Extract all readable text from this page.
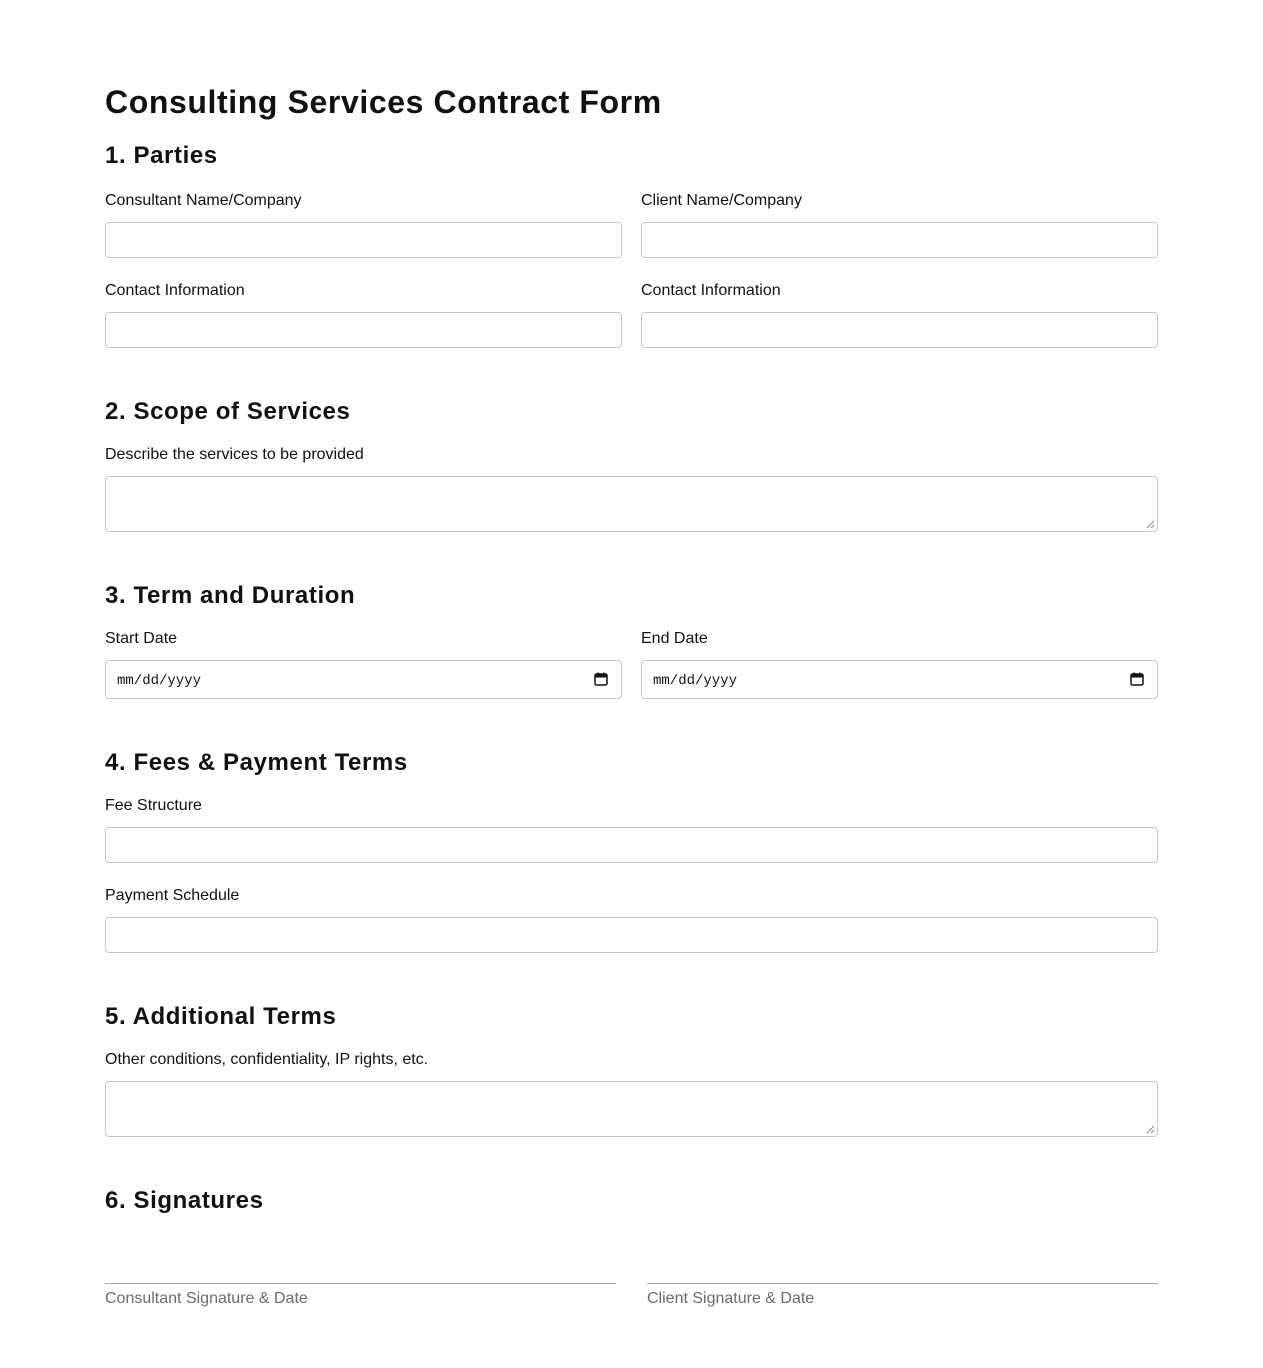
Consulting Services Contract Form
1. Parties
Consultant Name/Company	Client Name/Company
Contact Information	Contact Information
2. Scope of Services
Describe the services to be provided
3. Term and Duration
Start Date
mm/dd/yyyy
End Date
mm/dd/yyyy
4. Fees & Payment Terms
Fee Structure
Payment Schedule
5. Additional Terms
Other conditions, confidentiality, IP rights, etc.
6. Signatures
Consultant Signature & Date	Client Signature & Date
